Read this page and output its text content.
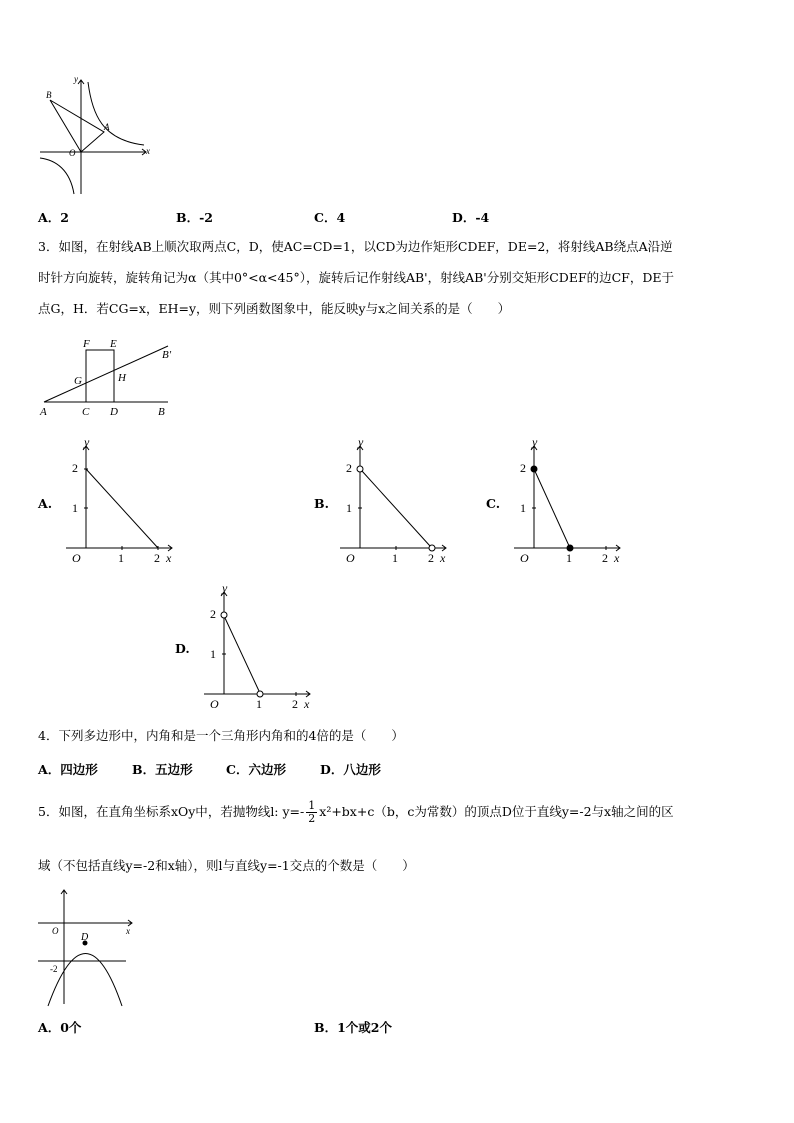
y
x
O
B
A
A．2	B．-2	C．4	D．-4
3．如图，在射线AB上顺次取两点C，D，使AC=CD=1，以CD为边作矩形CDEF，DE=2，将射线AB绕点A沿逆
时针方向旋转，旋转角记为α（其中0°<α<45°），旋转后记作射线AB'，射线AB'分别交矩形CDEF的边CF，DE于
点G，H．若CG=x，EH=y，则下列函数图象中，能反映y与x之间关系的是（　　）
F E
B'
G	H
A	C D	B
A.	B.	C.
D.
y
2
1
O	1	2 x
y
2
1
O	1	2 x
y
2
1
O	1	2 x
y
2
1
O	1	2 x
4．下列多边形中，内角和是一个三角形内角和的4倍的是（　　）
A．四边形	B．五边形	C．六边形	D．八边形
5．如图，在直角坐标系xOy中，若抛物线l: $y=- \frac{1}{2} x^2+bx+c(b$，c为常数）的顶点D位于直线y=-2与x轴之间的区
域（不包括直线y=-2和x轴），则l与直线y=-1交点的个数是（　　）
O	x
D
-2
A．0个	B．1个或2个
